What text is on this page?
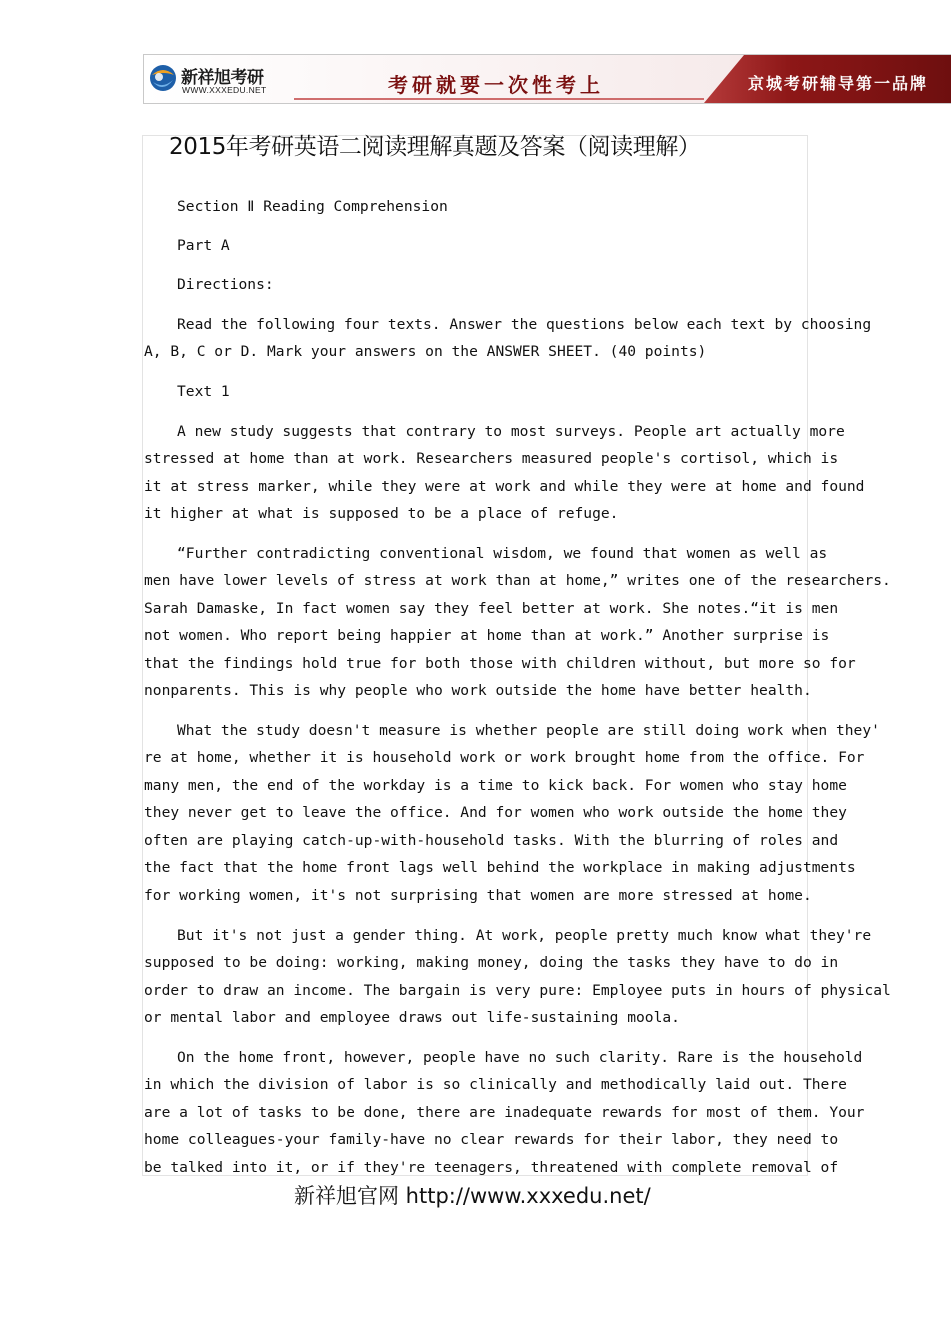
新祥旭考研
WWW.XXXEDU.NET	考研就要一次性考上	京城考研辅导第一品牌
2015年考研英语二阅读理解真题及答案（阅读理解）
Section Ⅱ Reading Comprehension
Part A
Directions:
Read the following four texts. Answer the questions below each text by choosing
A, B, C or D. Mark your answers on the ANSWER SHEET. (40 points)
Text 1
A new study suggests that contrary to most surveys. People art actually more
stressed at home than at work. Researchers measured people's cortisol, which is
it at stress marker, while they were at work and while they were at home and found
it higher at what is supposed to be a place of refuge.
“Further contradicting conventional wisdom, we found that women as well as
men have lower levels of stress at work than at home,” writes one of the researchers.
Sarah Damaske, In fact women say they feel better at work. She notes.“it is men
not women. Who report being happier at home than at work.” Another surprise is
that the findings hold true for both those with children without, but more so for
nonparents. This is why people who work outside the home have better health.
What the study doesn't measure is whether people are still doing work when they'
re at home, whether it is household work or work brought home from the office. For
many men, the end of the workday is a time to kick back. For women who stay home
they never get to leave the office. And for women who work outside the home they
often are playing catch-up-with-household tasks. With the blurring of roles and
the fact that the home front lags well behind the workplace in making adjustments
for working women, it's not surprising that women are more stressed at home.
But it's not just a gender thing. At work, people pretty much know what they're
supposed to be doing: working, making money, doing the tasks they have to do in
order to draw an income. The bargain is very pure: Employee puts in hours of physical
or mental labor and employee draws out life-sustaining moola.
On the home front, however, people have no such clarity. Rare is the household
in which the division of labor is so clinically and methodically laid out. There
are a lot of tasks to be done, there are inadequate rewards for most of them. Your
home colleagues-your family-have no clear rewards for their labor, they need to
be talked into it, or if they're teenagers, threatened with complete removal of
新祥旭官网 http://www.xxxedu.net/
